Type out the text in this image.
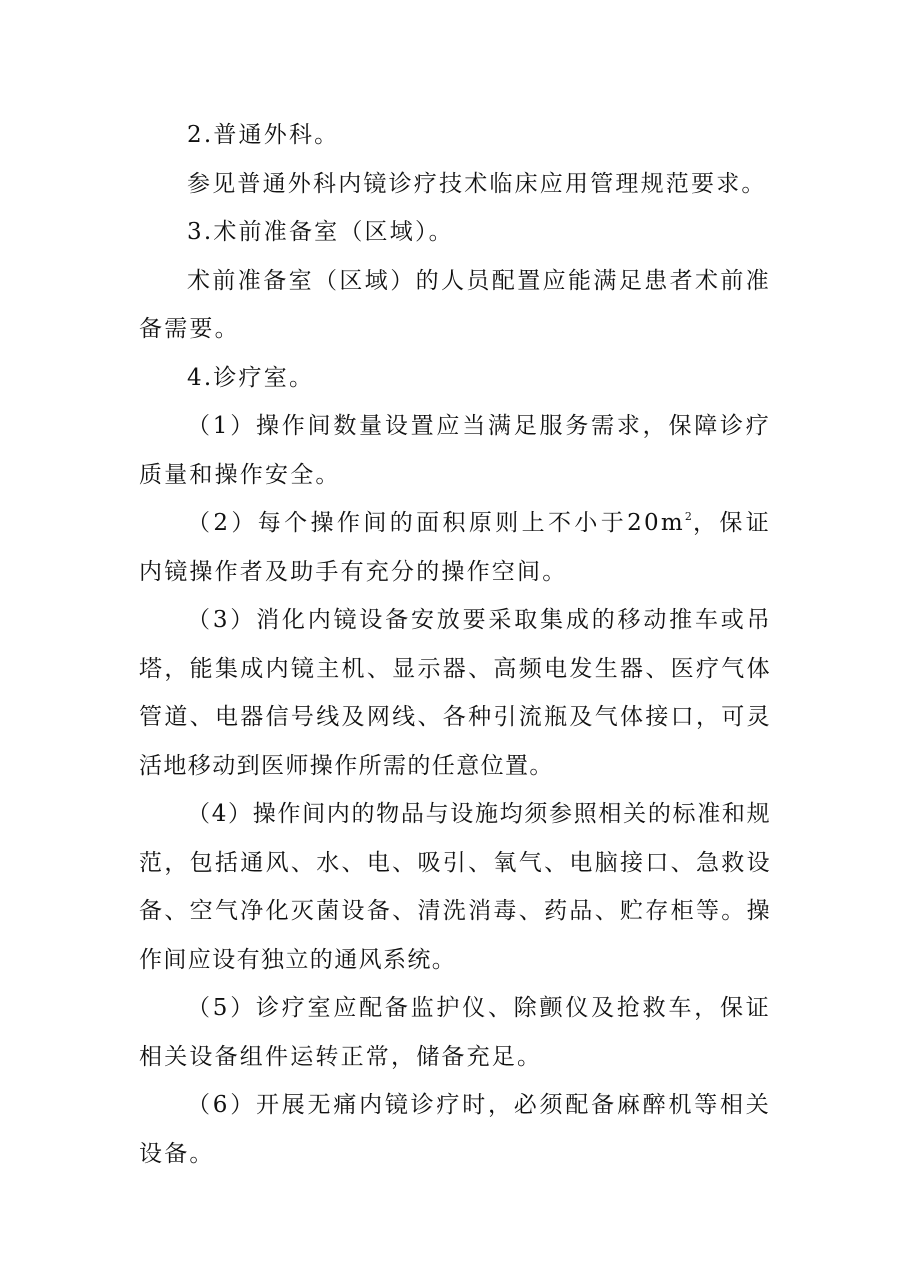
2.普通外科。

参见普通外科内镜诊疗技术临床应用管理规范要求。

3.术前准备室（区域）。

术前准备室（区域）的人员配置应能满足患者术前准备需要。

4.诊疗室。

（1）操作间数量设置应当满足服务需求，保障诊疗质量和操作安全。

（2）每个操作间的面积原则上不小于$20m^2$，保证内镜操作者及助手有充分的操作空间。

（3）消化内镜设备安放要采取集成的移动推车或吊塔，能集成内镜主机、显示器、高频电发生器、医疗气体管道、电器信号线及网线、各种引流瓶及气体接口，可灵活地移动到医师操作所需的任意位置。

（4）操作间内的物品与设施均须参照相关的标准和规范，包括通风、水、电、吸引、氧气、电脑接口、急救设备、空气净化灭菌设备、清洗消毒、药品、贮存柜等。操作间应设有独立的通风系统。

（5）诊疗室应配备监护仪、除颤仪及抢救车，保证相关设备组件运转正常，储备充足。

（6）开展无痛内镜诊疗时，必须配备麻醉机等相关设备。
